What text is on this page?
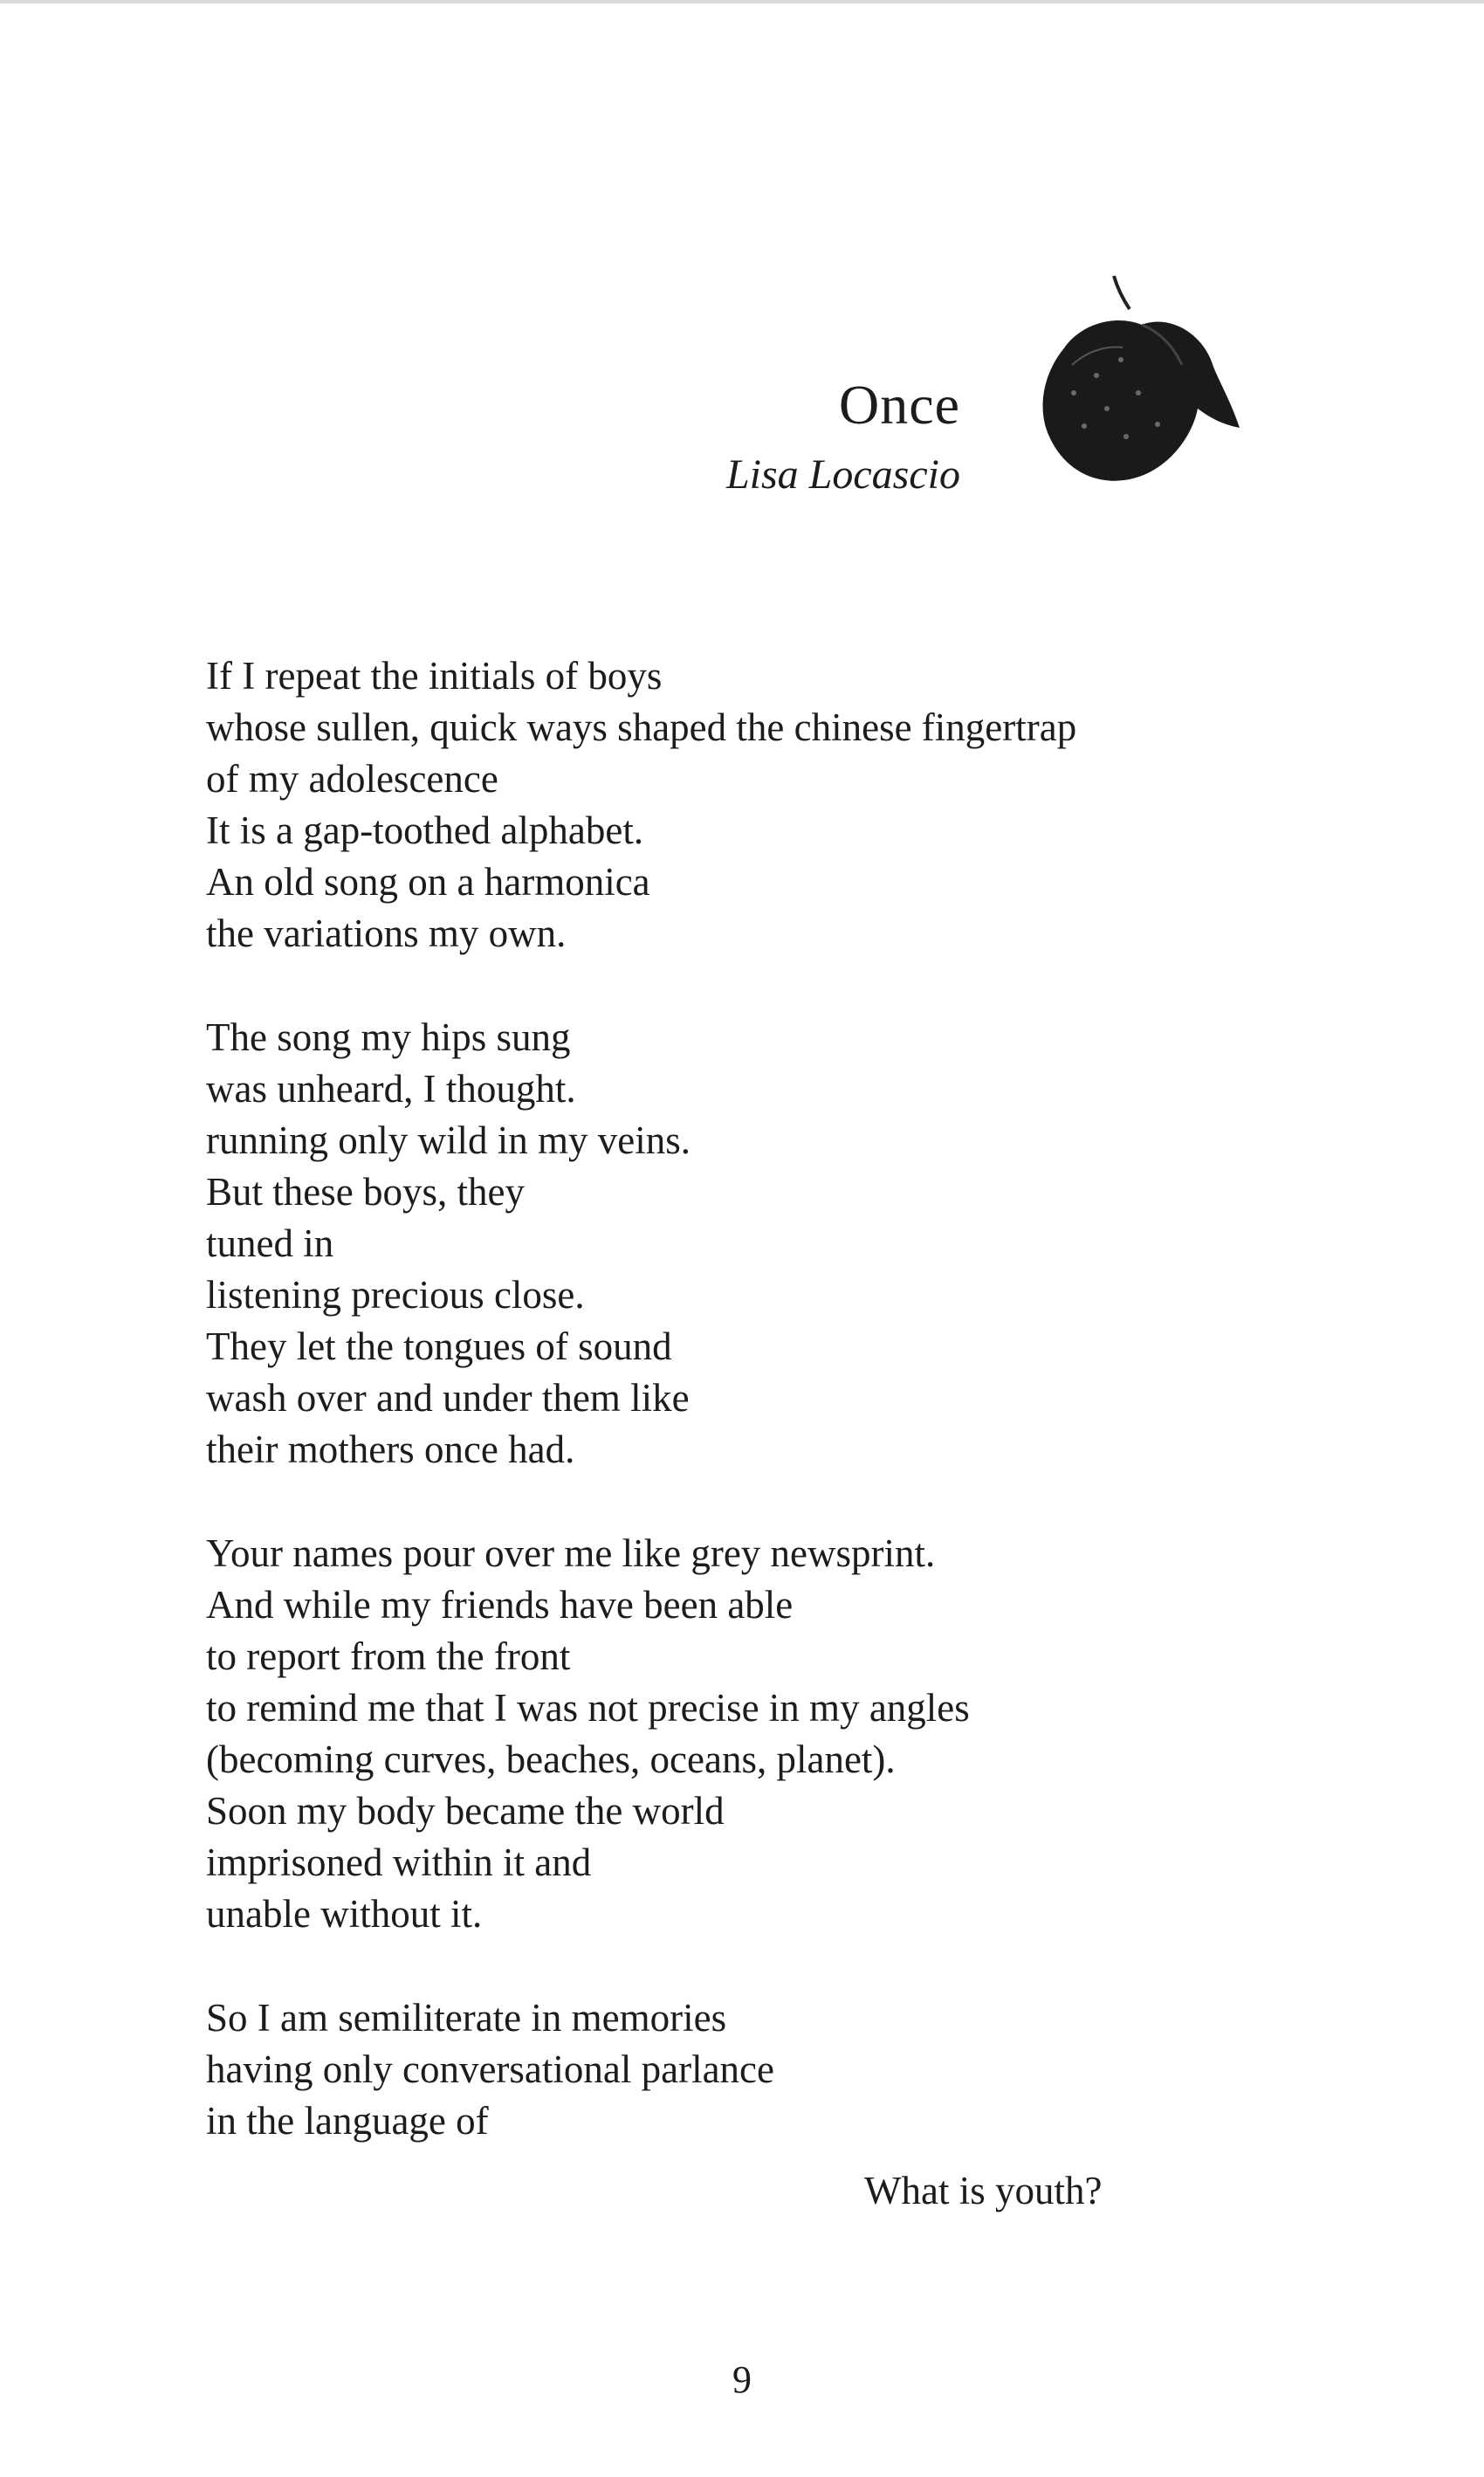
Once
Lisa Locascio
If I repeat the initials of boys
whose sullen, quick ways shaped the chinese fingertrap
of my adolescence
It is a gap-toothed alphabet.
An old song on a harmonica
the variations my own.
The song my hips sung
was unheard, I thought.
running only wild in my veins.
But these boys, they
tuned in
listening precious close.
They let the tongues of sound
wash over and under them like
their mothers once had.
Your names pour over me like grey newsprint.
And while my friends have been able
to report from the front
to remind me that I was not precise in my angles
(becoming curves, beaches, oceans, planet).
Soon my body became the world
imprisoned within it and
unable without it.
So I am semiliterate in memories
having only conversational parlance
in the language of
What is youth?
9
